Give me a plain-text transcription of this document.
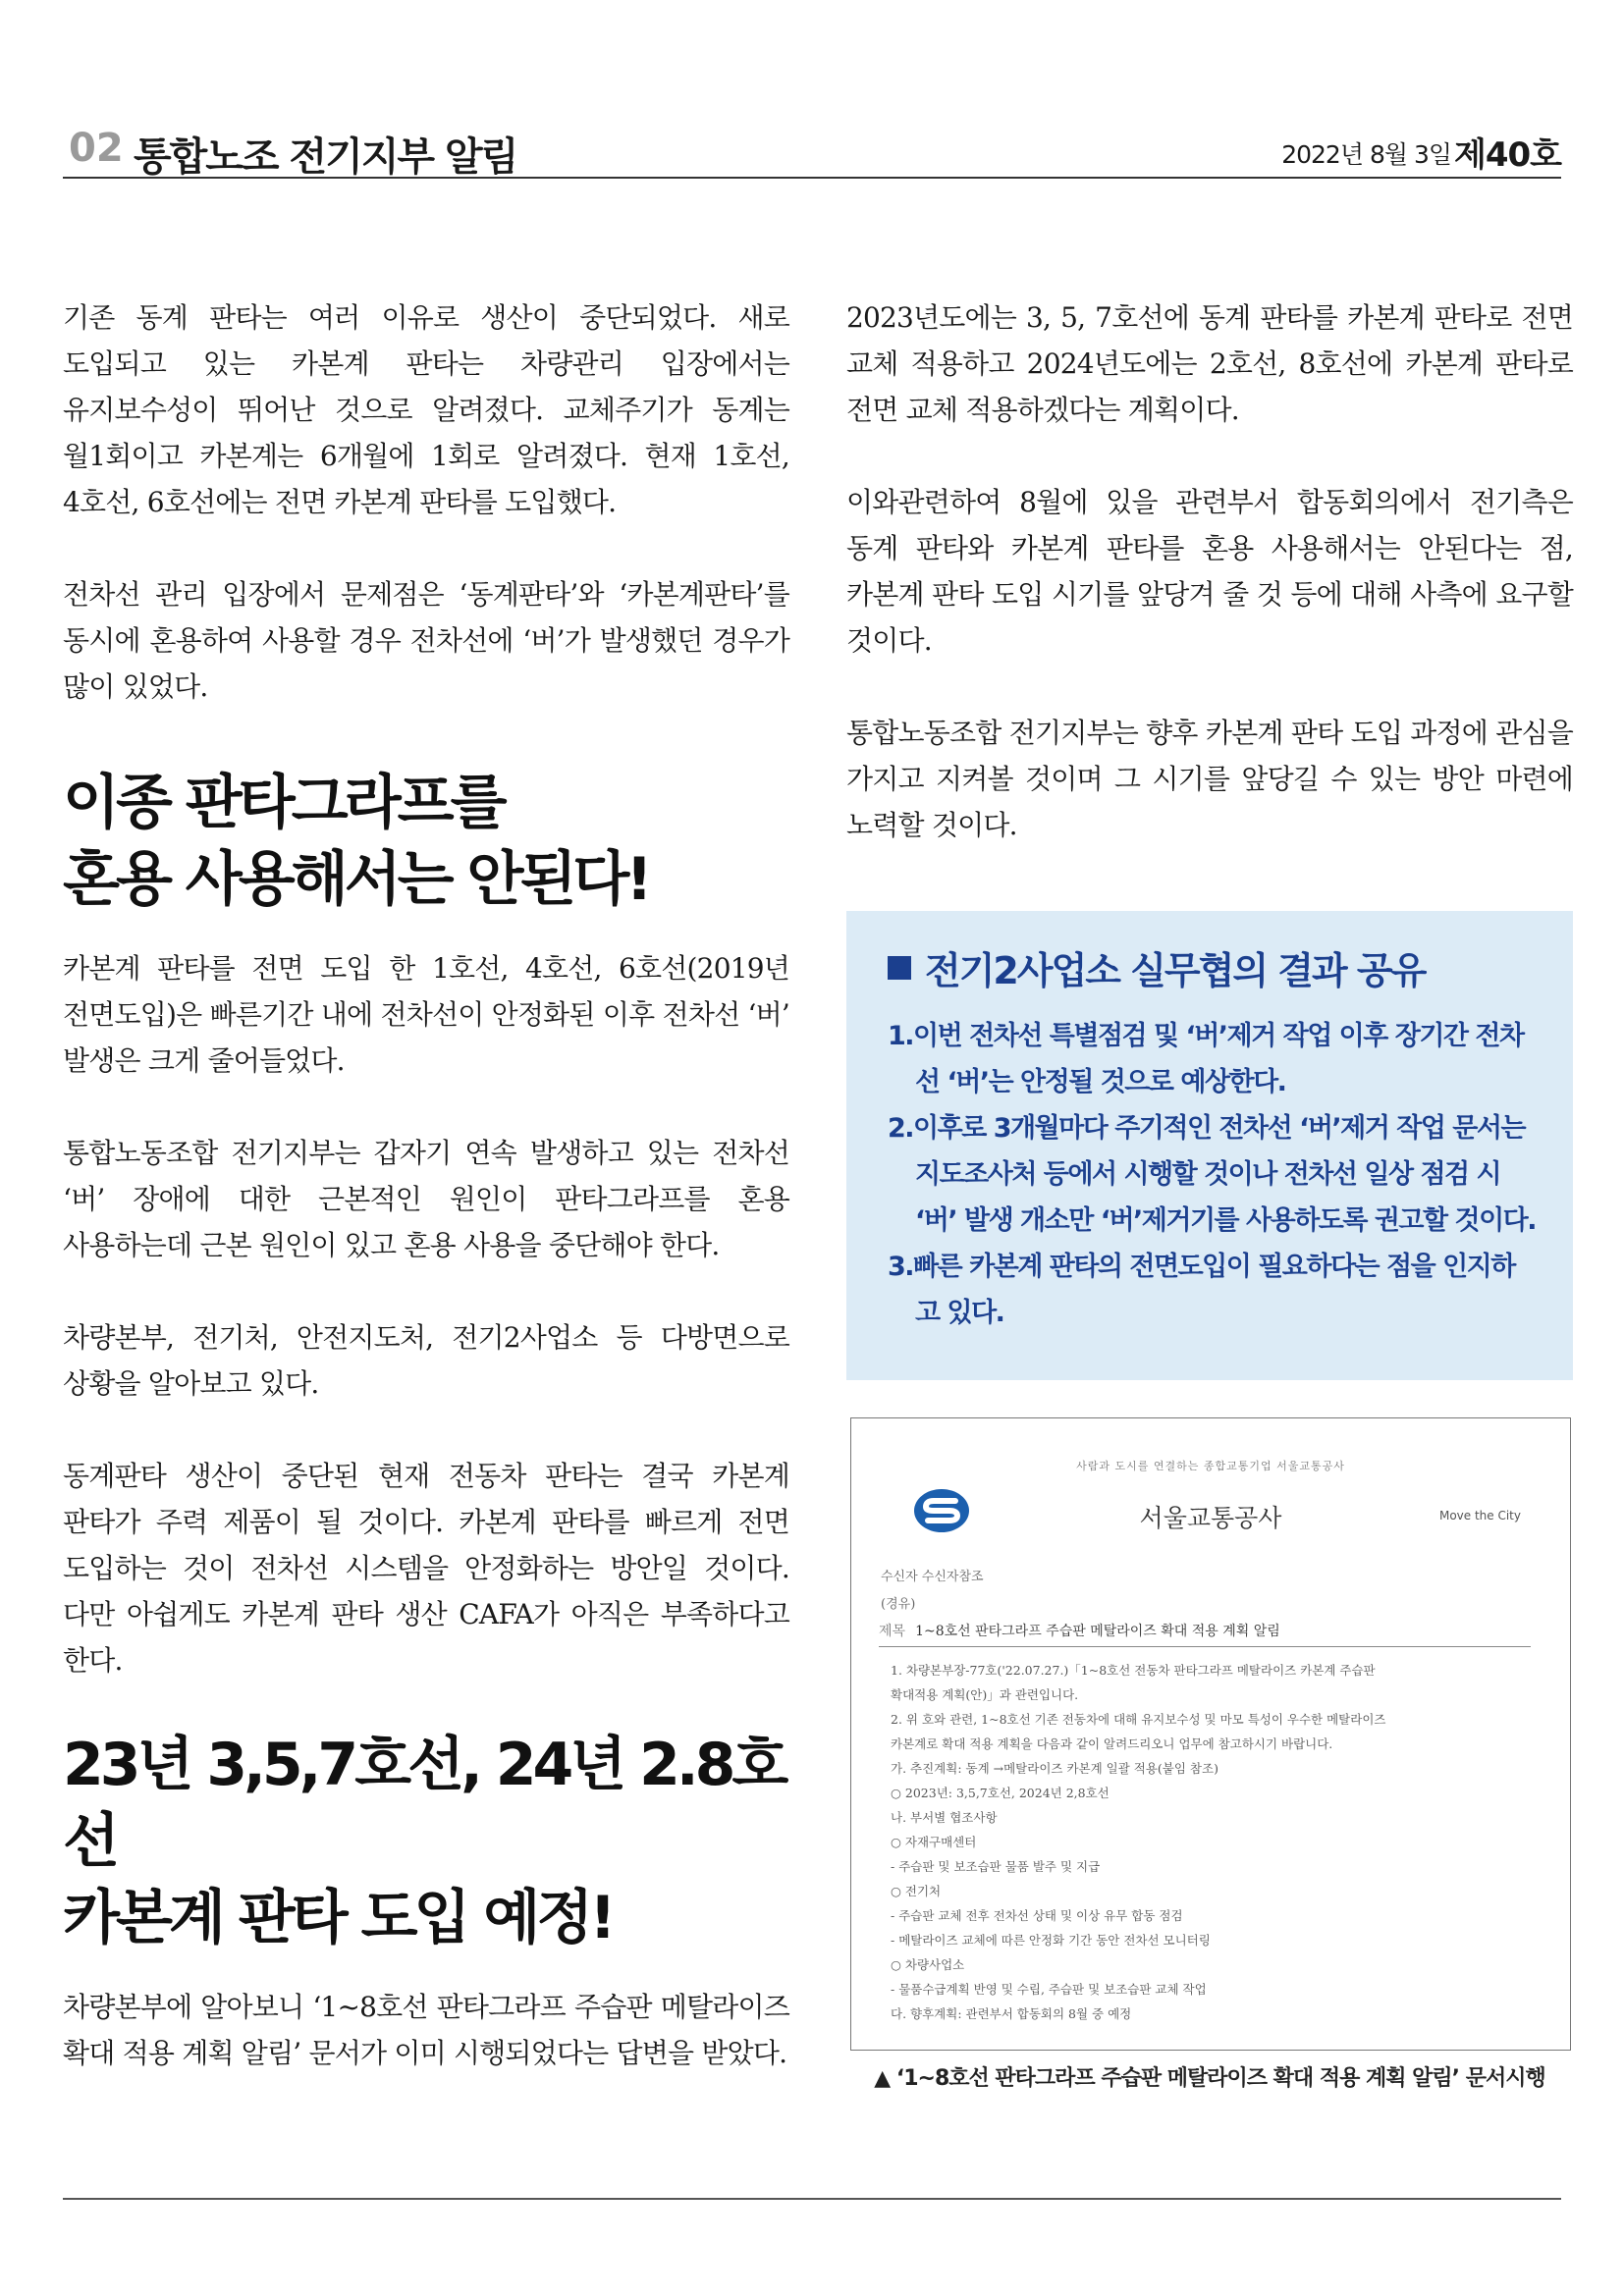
02 통합노조 전기지부 알림	2022년 8월 3일 제40호

기존 동계 판타는 여러 이유로 생산이 중단되었다. 새로 도입되고 있는 카본계 판타는 차량관리 입장에서는 유지보수성이 뛰어난 것으로 알려졌다. 교체주기가 동계는 월1회이고 카본계는 6개월에 1회로 알려졌다. 현재 1호선, 4호선, 6호선에는 전면 카본계 판타를 도입했다.

전차선 관리 입장에서 문제점은 ‘동계판타’와 ‘카본계판타’를 동시에 혼용하여 사용할 경우 전차선에 ‘버’가 발생했던 경우가 많이 있었다.

이종 판타그라프를
혼용 사용해서는 안된다!

카본계 판타를 전면 도입 한 1호선, 4호선, 6호선(2019년 전면도입)은 빠른기간 내에 전차선이 안정화된 이후 전차선 ‘버’ 발생은 크게 줄어들었다.

통합노동조합 전기지부는 갑자기 연속 발생하고 있는 전차선 ‘버’ 장애에 대한 근본적인 원인이 판타그라프를 혼용 사용하는데 근본 원인이 있고 혼용 사용을 중단해야 한다.

차량본부, 전기처, 안전지도처, 전기2사업소 등 다방면으로 상황을 알아보고 있다.

동계판타 생산이 중단된 현재 전동차 판타는 결국 카본계 판타가 주력 제품이 될 것이다. 카본계 판타를 빠르게 전면 도입하는 것이 전차선 시스템을 안정화하는 방안일 것이다. 다만 아쉽게도 카본계 판타 생산 CAFA가 아직은 부족하다고 한다.

23년 3,5,7호선, 24년 2.8호선
카본계 판타 도입 예정!

차량본부에 알아보니 ‘1~8호선 판타그라프 주습판 메탈라이즈 확대 적용 계획 알림’ 문서가 이미 시행되었다는 답변을 받았다.

2023년도에는 3, 5, 7호선에 동계 판타를 카본계 판타로 전면 교체 적용하고 2024년도에는 2호선, 8호선에 카본계 판타로 전면 교체 적용하겠다는 계획이다.

이와관련하여 8월에 있을 관련부서 합동회의에서 전기측은 동계 판타와 카본계 판타를 혼용 사용해서는 안된다는 점, 카본계 판타 도입 시기를 앞당겨 줄 것 등에 대해 사측에 요구할 것이다.

통합노동조합 전기지부는 향후 카본계 판타 도입 과정에 관심을 가지고 지켜볼 것이며 그 시기를 앞당길 수 있는 방안 마련에 노력할 것이다.

전기2사업소 실무협의 결과 공유
1.이번 전차선 특별점검 및 ‘버’제거 작업 이후 장기간 전차선 ‘버’는 안정될 것으로 예상한다.
2.이후로 3개월마다 주기적인 전차선 ‘버’제거 작업 문서는 지도조사처 등에서 시행할 것이나 전차선 일상 점검 시 ‘버’ 발생 개소만 ‘버’제거기를 사용하도록 권고할 것이다.
3.빠른 카본계 판타의 전면도입이 필요하다는 점을 인지하고 있다.
사람과 도시를 연결하는 종합교통기업 서울교통공사
서울교통공사	Move the City
수신자 수신자참조
(경유)
제목 1~8호선 판타그라프 주습판 메탈라이즈 확대 적용 계획 알림
1. 차량본부장-77호('22.07.27.)「1~8호선 전동차 판타그라프 메탈라이즈 카본계 주습판
확대적용 계획(안)」과 관련입니다.
2. 위 호와 관련, 1~8호선 기존 전동차에 대해 유지보수성 및 마모 특성이 우수한 메탈라이즈
카본계로 확대 적용 계획을 다음과 같이 알려드리오니 업무에 참고하시기 바랍니다.
가. 추진계획: 동계 →메탈라이즈 카본계 일괄 적용(붙임 참조)
○ 2023년: 3,5,7호선, 2024년 2,8호선
나. 부서별 협조사항
○ 자재구매센터
- 주습판 및 보조습판 물품 발주 및 지급
○ 전기처
- 주습판 교체 전후 전차선 상태 및 이상 유무 합동 점검
- 메탈라이즈 교체에 따른 안정화 기간 동안 전차선 모니터링
○ 차량사업소
- 물품수급계획 반영 및 수립, 주습판 및 보조습판 교체 작업
다. 향후계획: 관련부서 합동회의 8월 중 예정
▲ ‘1~8호선 판타그라프 주습판 메탈라이즈 확대 적용 계획 알림’ 문서시행
